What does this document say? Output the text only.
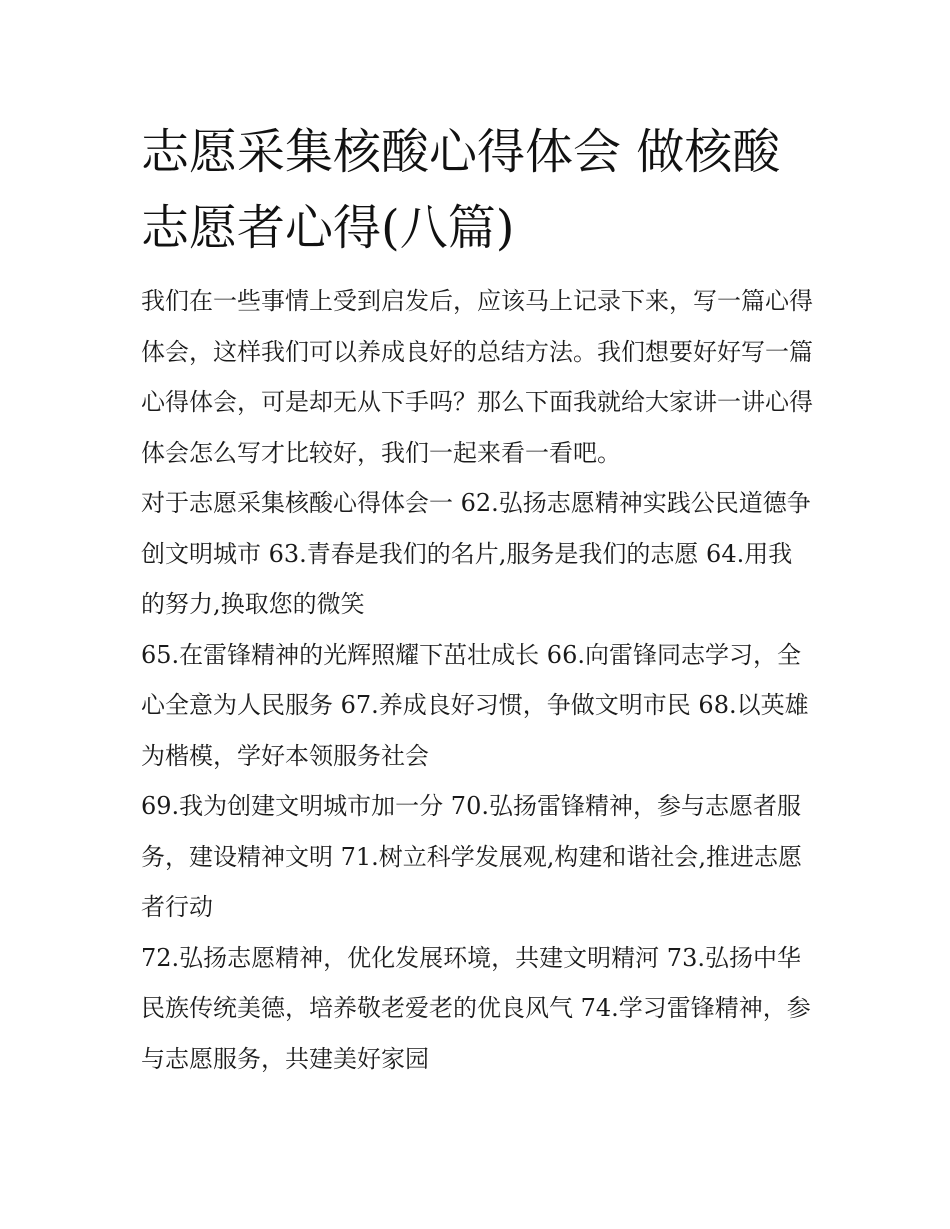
志愿采集核酸心得体会 做核酸志愿者心得(八篇)

我们在一些事情上受到启发后，应该马上记录下来，写一篇心得体会，这样我们可以养成良好的总结方法。我们想要好好写一篇心得体会，可是却无从下手吗？那么下面我就给大家讲一讲心得体会怎么写才比较好，我们一起来看一看吧。

对于志愿采集核酸心得体会一 62.弘扬志愿精神实践公民道德争创文明城市 63.青春是我们的名片,服务是我们的志愿 64.用我的努力,换取您的微笑

65.在雷锋精神的光辉照耀下茁壮成长 66.向雷锋同志学习，全心全意为人民服务 67.养成良好习惯，争做文明市民 68.以英雄为楷模，学好本领服务社会

69.我为创建文明城市加一分 70.弘扬雷锋精神，参与志愿者服务，建设精神文明 71.树立科学发展观,构建和谐社会,推进志愿者行动

72.弘扬志愿精神，优化发展环境，共建文明精河 73.弘扬中华民族传统美德，培养敬老爱老的优良风气 74.学习雷锋精神，参与志愿服务，共建美好家园
